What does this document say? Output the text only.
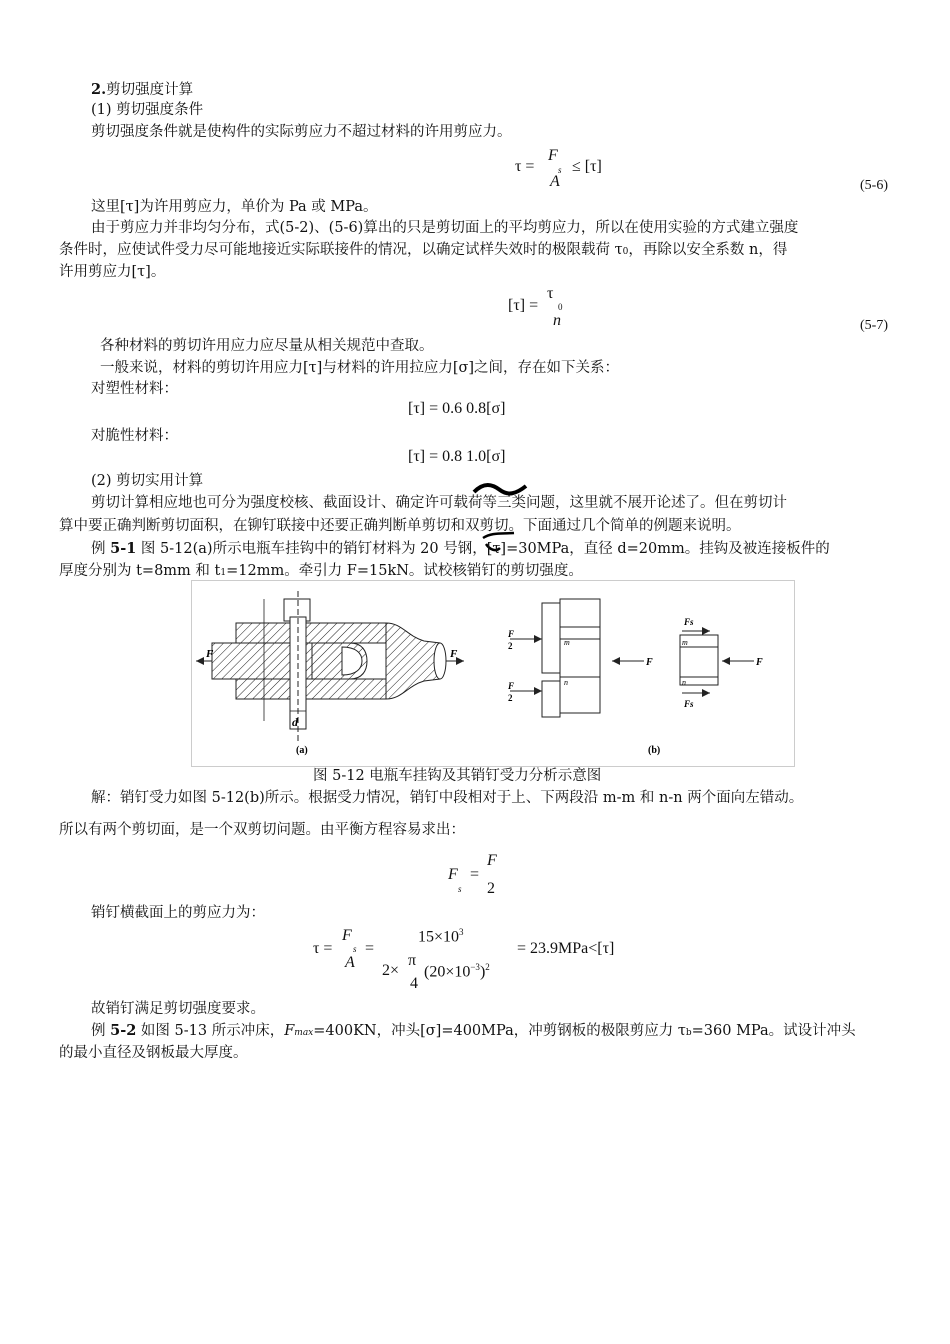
2.剪切强度计算
(1) 剪切强度条件
剪切强度条件就是使构件的实际剪应力不超过材料的许用剪应力。
τ =
F
s
A
≤ [τ]
(5-6)
这里[τ]为许用剪应力，单价为 Pa 或 MPa。
由于剪应力并非均匀分布，式(5-2)、(5-6)算出的只是剪切面上的平均剪应力，所以在使用实验的方式建立强度
条件时，应使试件受力尽可能地接近实际联接件的情况，以确定试样失效时的极限载荷 τ0，再除以安全系数 n，得
许用剪应力[τ]。
[τ] =
τ
0
n	(5-7)
各种材料的剪切许用应力应尽量从相关规范中查取。
一般来说，材料的剪切许用应力[τ]与材料的许用拉应力[σ]之间，存在如下关系：
对塑性材料：
[τ] = 0.6 0.8[σ]
对脆性材料：
[τ] = 0.8 1.0[σ]
(2) 剪切实用计算
剪切计算相应地也可分为强度校核、截面设计、确定许可载荷等三类问题，这里就不展开论述了。但在剪切计
算中要正确判断剪切面积，在铆钉联接中还要正确判断单剪切和双剪切。下面通过几个简单的例题来说明。
例 5-1 图 5-12(a)所示电瓶车挂钩中的销钉材料为 20 号钢，[τ]=30MPa，直径 d=20mm。挂钩及被连接板件的
厚度分别为 t=8mm 和 t1=12mm。牵引力 F=15kN。试校核销钉的剪切强度。
F	F
d
(a)
F
2
F
2
F
m
n
m
n
F
Fs
Fs
(b)
图 5-12 电瓶车挂钩及其销钉受力分析示意图
解：销钉受力如图 5-12(b)所示。根据受力情况，销钉中段相对于上、下两段沿 m-m 和 n-n 两个面向左错动。
所以有两个剪切面，是一个双剪切问题。由平衡方程容易求出：
F
s
=
F
2
销钉横截面上的剪应力为：
τ =
F
s
A
=
$15\times 10^3$
2×
π
4
$(20\times 10^{-3})^2$
= 23.9MPa<[τ]
故销钉满足剪切强度要求。
例 5-2 如图 5-13 所示冲床，Fmax=400KN，冲头[σ]=400MPa，冲剪钢板的极限剪应力 τb=360 MPa。试设计冲头
的最小直径及钢板最大厚度。
